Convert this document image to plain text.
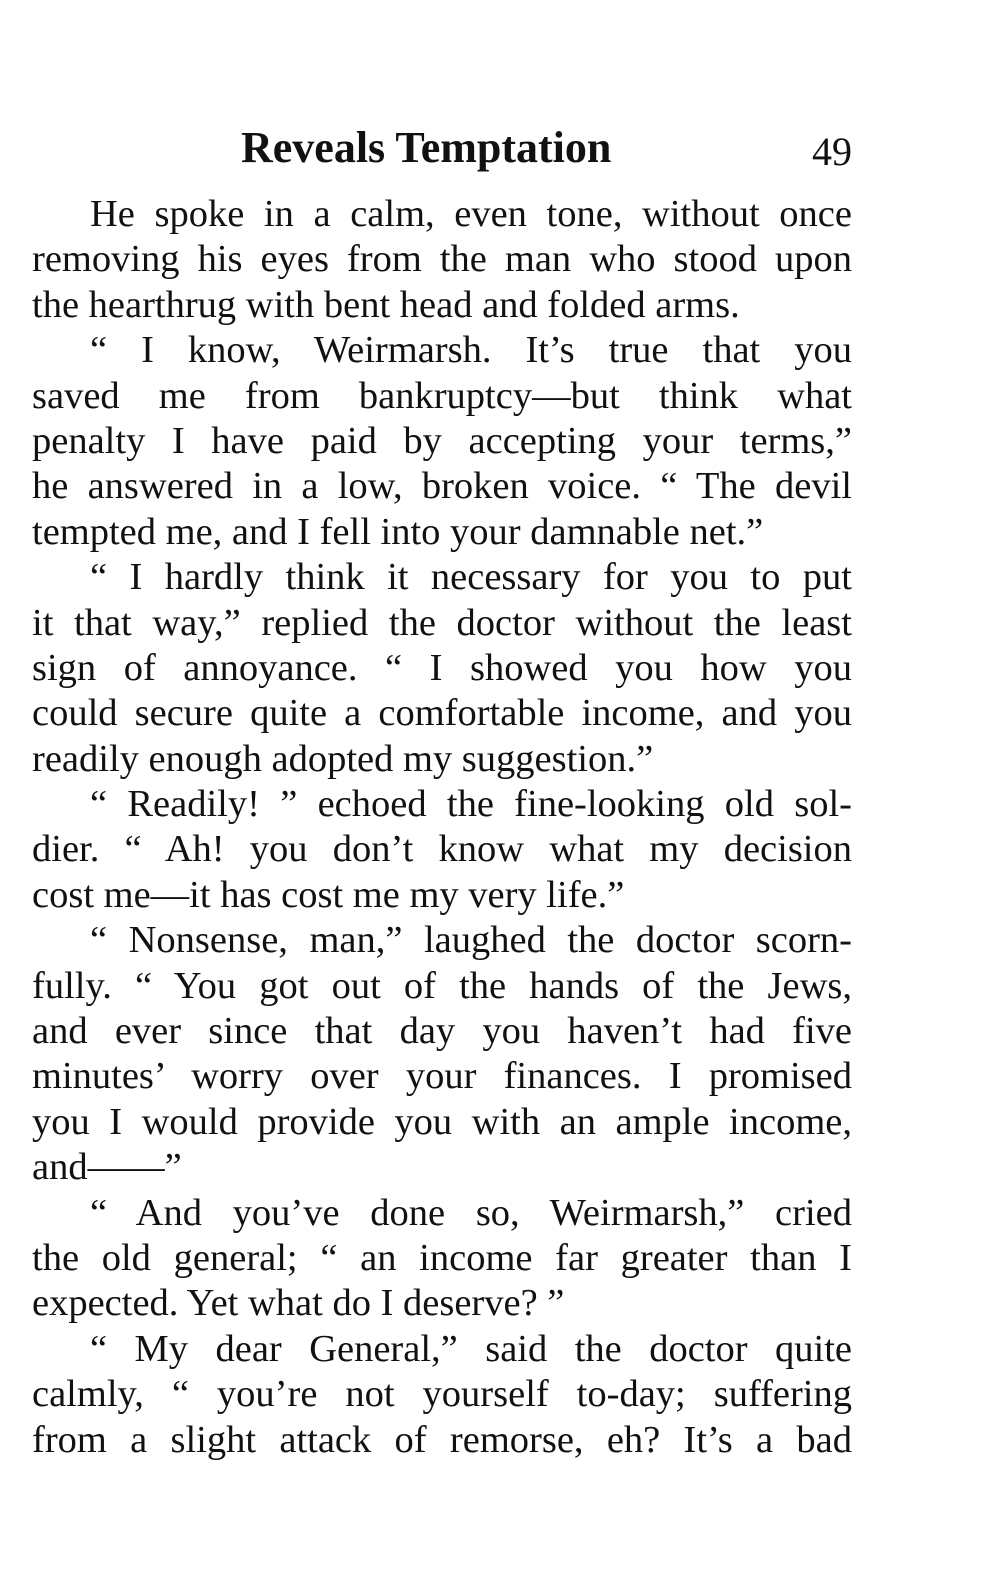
Reveals Temptation	49
He spoke in a calm, even tone, without once
removing his eyes from the man who stood upon
the hearthrug with bent head and folded arms.
“ I know, Weirmarsh. It’s true that you
saved me from bankruptcy—but think what
penalty I have paid by accepting your terms,”
he answered in a low, broken voice. “ The devil
tempted me, and I fell into your damnable net.”
“ I hardly think it necessary for you to put
it that way,” replied the doctor without the least
sign of annoyance. “ I showed you how you
could secure quite a comfortable income, and you
readily enough adopted my suggestion.”
“ Readily! ” echoed the fine-looking old sol-
dier. “ Ah! you don’t know what my decision
cost me—it has cost me my very life.”
“ Nonsense, man,” laughed the doctor scorn-
fully. “ You got out of the hands of the Jews,
and ever since that day you haven’t had five
minutes’ worry over your finances. I promised
you I would provide you with an ample income,
and——”
“ And you’ve done so, Weirmarsh,” cried
the old general; “ an income far greater than I
expected. Yet what do I deserve? ”
“ My dear General,” said the doctor quite
calmly, “ you’re not yourself to-day; suffering
from a slight attack of remorse, eh? It’s a bad
